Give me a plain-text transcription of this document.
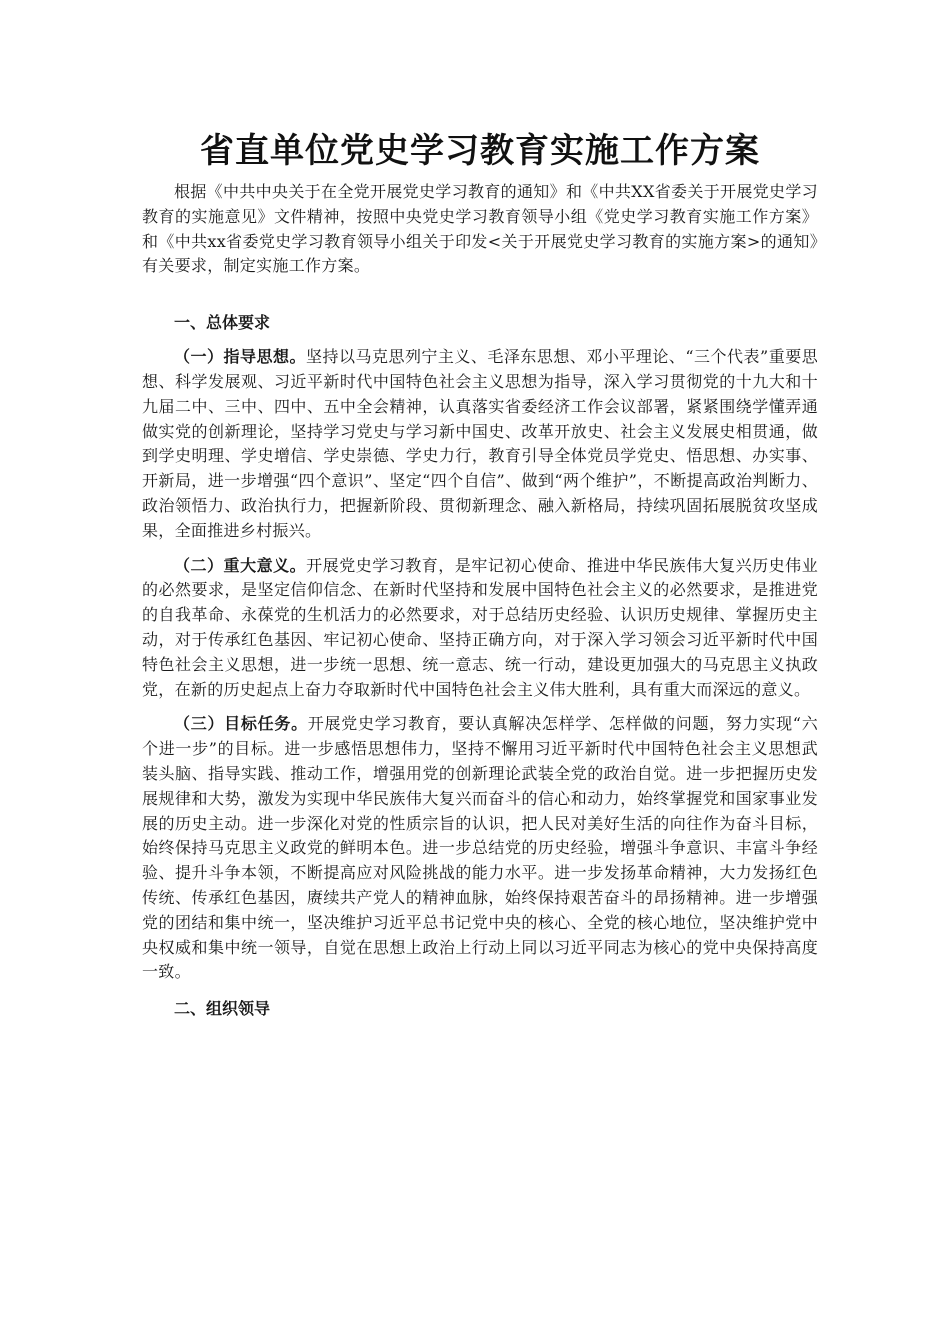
省直单位党史学习教育实施工作方案

根据《中共中央关于在全党开展党史学习教育的通知》和《中共XX省委关于开展党史学习教育的实施意见》文件精神，按照中央党史学习教育领导小组《党史学习教育实施工作方案》和《中共xx省委党史学习教育领导小组关于印发<关于开展党史学习教育的实施方案>的通知》有关要求，制定实施工作方案。

一、总体要求

（一）指导思想。坚持以马克思列宁主义、毛泽东思想、邓小平理论、“三个代表”重要思想、科学发展观、习近平新时代中国特色社会主义思想为指导，深入学习贯彻党的十九大和十九届二中、三中、四中、五中全会精神，认真落实省委经济工作会议部署，紧紧围绕学懂弄通做实党的创新理论，坚持学习党史与学习新中国史、改革开放史、社会主义发展史相贯通，做到学史明理、学史增信、学史崇德、学史力行，教育引导全体党员学党史、悟思想、办实事、开新局，进一步增强“四个意识”、坚定“四个自信”、做到“两个维护”，不断提高政治判断力、政治领悟力、政治执行力，把握新阶段、贯彻新理念、融入新格局，持续巩固拓展脱贫攻坚成果，全面推进乡村振兴。

（二）重大意义。开展党史学习教育，是牢记初心使命、推进中华民族伟大复兴历史伟业的必然要求，是坚定信仰信念、在新时代坚持和发展中国特色社会主义的必然要求，是推进党的自我革命、永葆党的生机活力的必然要求，对于总结历史经验、认识历史规律、掌握历史主动，对于传承红色基因、牢记初心使命、坚持正确方向，对于深入学习领会习近平新时代中国特色社会主义思想，进一步统一思想、统一意志、统一行动，建设更加强大的马克思主义执政党，在新的历史起点上奋力夺取新时代中国特色社会主义伟大胜利，具有重大而深远的意义。

（三）目标任务。开展党史学习教育，要认真解决怎样学、怎样做的问题，努力实现“六个进一步”的目标。进一步感悟思想伟力，坚持不懈用习近平新时代中国特色社会主义思想武装头脑、指导实践、推动工作，增强用党的创新理论武装全党的政治自觉。进一步把握历史发展规律和大势，激发为实现中华民族伟大复兴而奋斗的信心和动力，始终掌握党和国家事业发展的历史主动。进一步深化对党的性质宗旨的认识，把人民对美好生活的向往作为奋斗目标，始终保持马克思主义政党的鲜明本色。进一步总结党的历史经验，增强斗争意识、丰富斗争经验、提升斗争本领，不断提高应对风险挑战的能力水平。进一步发扬革命精神，大力发扬红色传统、传承红色基因，赓续共产党人的精神血脉，始终保持艰苦奋斗的昂扬精神。进一步增强党的团结和集中统一，坚决维护习近平总书记党中央的核心、全党的核心地位，坚决维护党中央权威和集中统一领导，自觉在思想上政治上行动上同以习近平同志为核心的党中央保持高度一致。

二、组织领导
